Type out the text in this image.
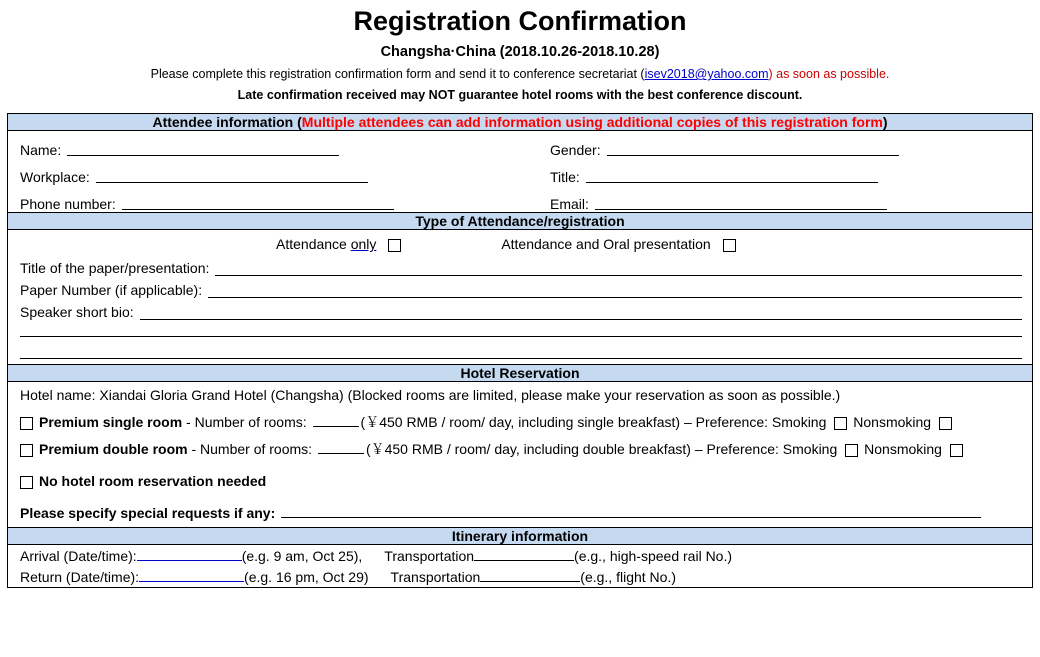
Registration Confirmation
Changsha·China (2018.10.26-2018.10.28)
Please complete this registration confirmation form and send it to conference secretariat (isev2018@yahoo.com) as soon as possible.
Late confirmation received may NOT guarantee hotel rooms with the best conference discount.
Attendee information (Multiple attendees can add information using additional copies of this registration form)

Name:	Gender:
Workplace:	Title:
Phone number:	Email:

Type of Attendance/registration

Attendance only	Attendance and Oral presentation
Title of the paper/presentation:
Paper Number (if applicable):
Speaker short bio:

Hotel Reservation

Hotel name: Xiandai Gloria Grand Hotel (Changsha) (Blocked rooms are limited, please make your reservation as soon as possible.)
Premium single room - Number of rooms:	(￥450 RMB / room/ day, including single breakfast) – Preference: Smoking Nonsmoking
Premium double room - Number of rooms:	(￥450 RMB / room/ day, including double breakfast) – Preference: Smoking Nonsmoking
No hotel room reservation needed
Please specify special requests if any:

Itinerary information

Arrival (Date/time):	(e.g. 9 am, Oct 25), Transportation	(e.g., high-speed rail No.)
Return (Date/time):	(e.g. 16 pm, Oct 29) Transportation	(e.g., flight No.)
